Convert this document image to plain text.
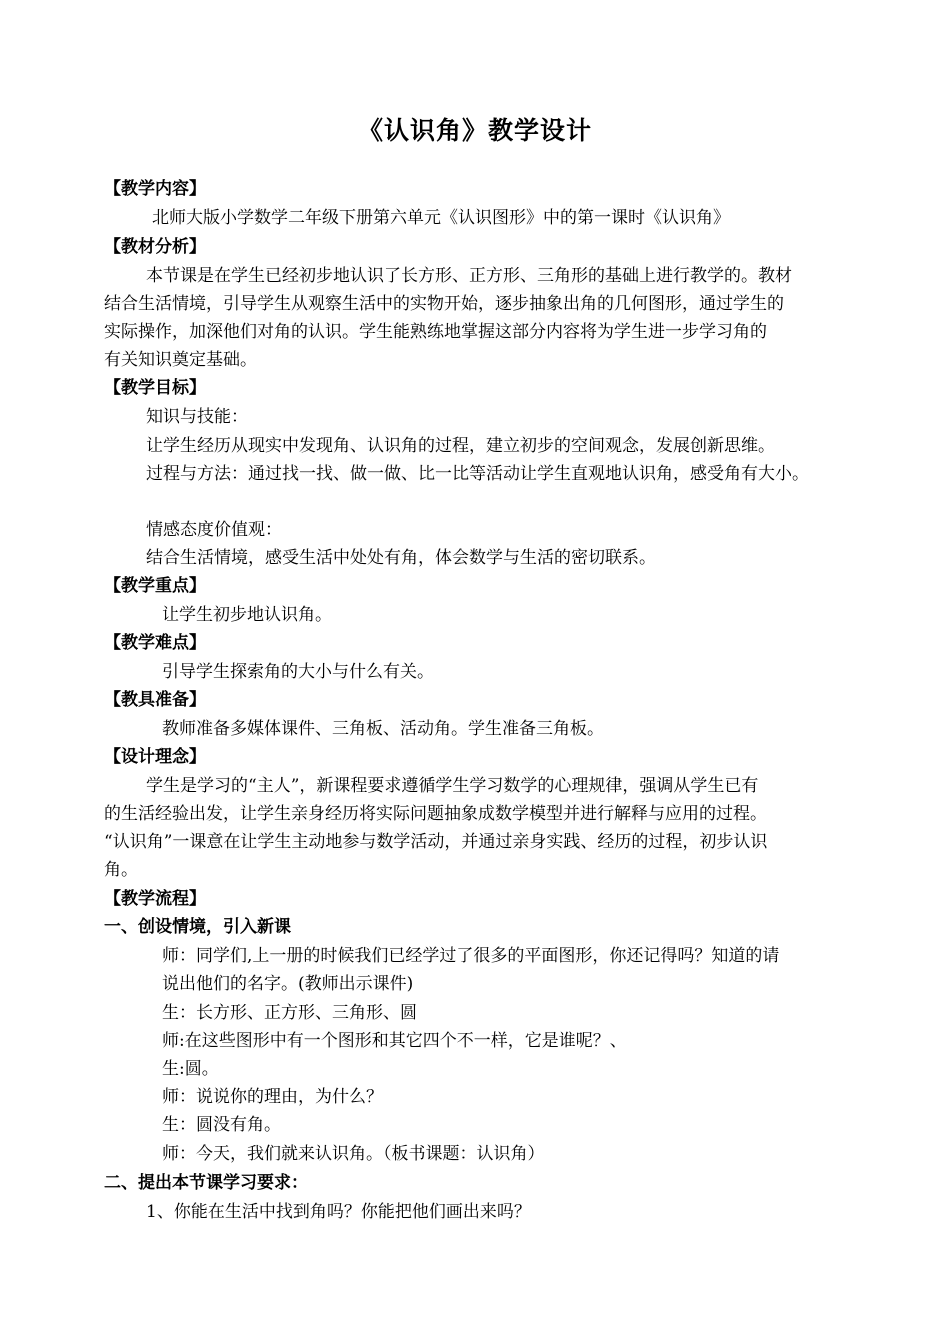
《认识角》教学设计
【教学内容】
北师大版小学数学二年级下册第六单元《认识图形》中的第一课时《认识角》
【教材分析】
本节课是在学生已经初步地认识了长方形、正方形、三角形的基础上进行教学的。教材
结合生活情境，引导学生从观察生活中的实物开始，逐步抽象出角的几何图形，通过学生的
实际操作，加深他们对角的认识。学生能熟练地掌握这部分内容将为学生进一步学习角的
有关知识奠定基础。
【教学目标】
知识与技能：
让学生经历从现实中发现角、认识角的过程，建立初步的空间观念，发展创新思维。
过程与方法：通过找一找、做一做、比一比等活动让学生直观地认识角，感受角有大小。
情感态度价值观：
结合生活情境，感受生活中处处有角，体会数学与生活的密切联系。
【教学重点】
让学生初步地认识角。
【教学难点】
引导学生探索角的大小与什么有关。
【教具准备】
教师准备多媒体课件、三角板、活动角。学生准备三角板。
【设计理念】
学生是学习的“主人”，新课程要求遵循学生学习数学的心理规律，强调从学生已有
的生活经验出发，让学生亲身经历将实际问题抽象成数学模型并进行解释与应用的过程。
“认识角”一课意在让学生主动地参与数学活动，并通过亲身实践、经历的过程，初步认识
角。
【教学流程】
一、创设情境，引入新课
师：同学们,上一册的时候我们已经学过了很多的平面图形，你还记得吗？知道的请
说出他们的名字。(教师出示课件)
生：长方形、正方形、三角形、圆
师:在这些图形中有一个图形和其它四个不一样，它是谁呢？、
生:圆。
师：说说你的理由，为什么？
生：圆没有角。
师：今天，我们就来认识角。（板书课题：认识角）
二、提出本节课学习要求：
1、你能在生活中找到角吗？你能把他们画出来吗？
